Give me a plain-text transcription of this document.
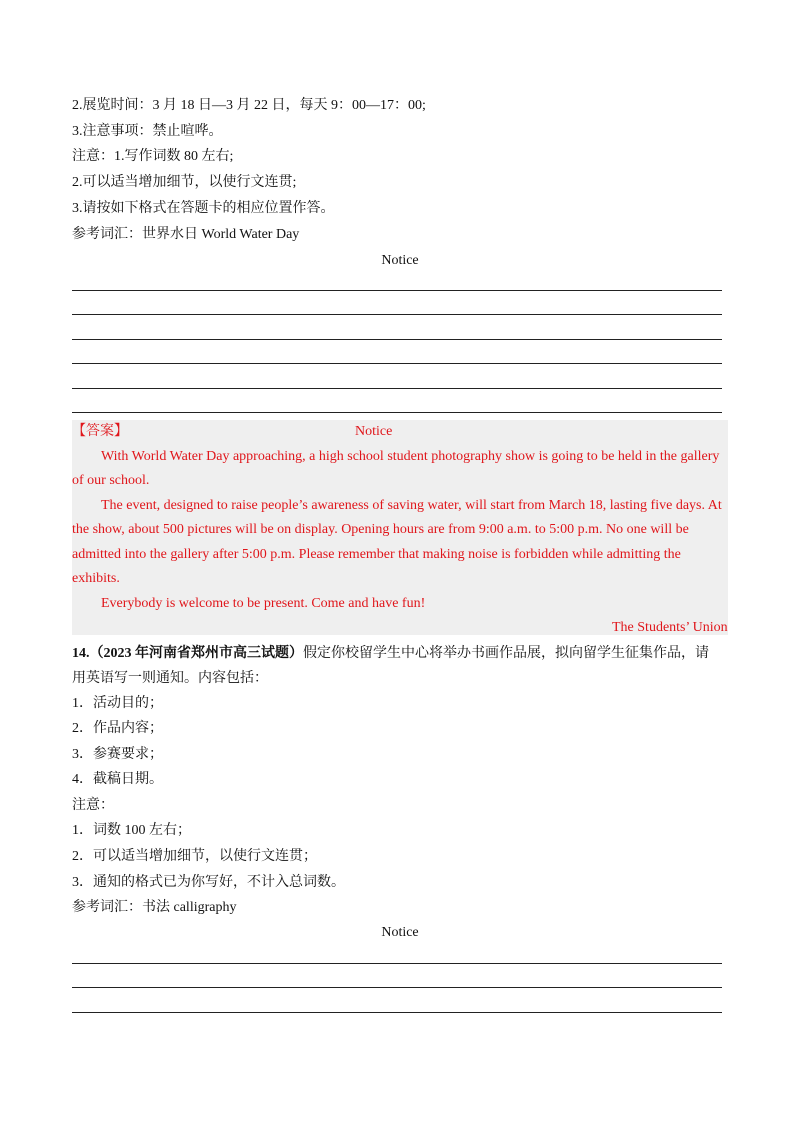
2.展览时间：3 月 18 日—3 月 22 日，每天 9：00—17：00;
3.注意事项：禁止喧哗。
注意：1.写作词数 80 左右;
2.可以适当增加细节，以使行文连贯;
3.请按如下格式在答题卡的相应位置作答。
参考词汇：世界水日 World Water Day
Notice
【答案】	Notice
With World Water Day approaching, a high school student photography show is going to be held in the gallery
of our school.
The event, designed to raise people’s awareness of saving water, will start from March 18, lasting five days. At
the show, about 500 pictures will be on display. Opening hours are from 9:00 a.m. to 5:00 p.m. No one will be
admitted into the gallery after 5:00 p.m. Please remember that making noise is forbidden while admitting the
exhibits.
Everybody is welcome to be present. Come and have fun!
The Students’ Union
14.（2023 年河南省郑州市高三试题）假定你校留学生中心将举办书画作品展，拟向留学生征集作品，请
用英语写一则通知。内容包括：
1．活动目的；
2．作品内容；
3．参赛要求；
4．截稿日期。
注意：
1．词数 100 左右；
2．可以适当增加细节，以使行文连贯；
3．通知的格式已为你写好，不计入总词数。
参考词汇：书法 calligraphy
Notice
